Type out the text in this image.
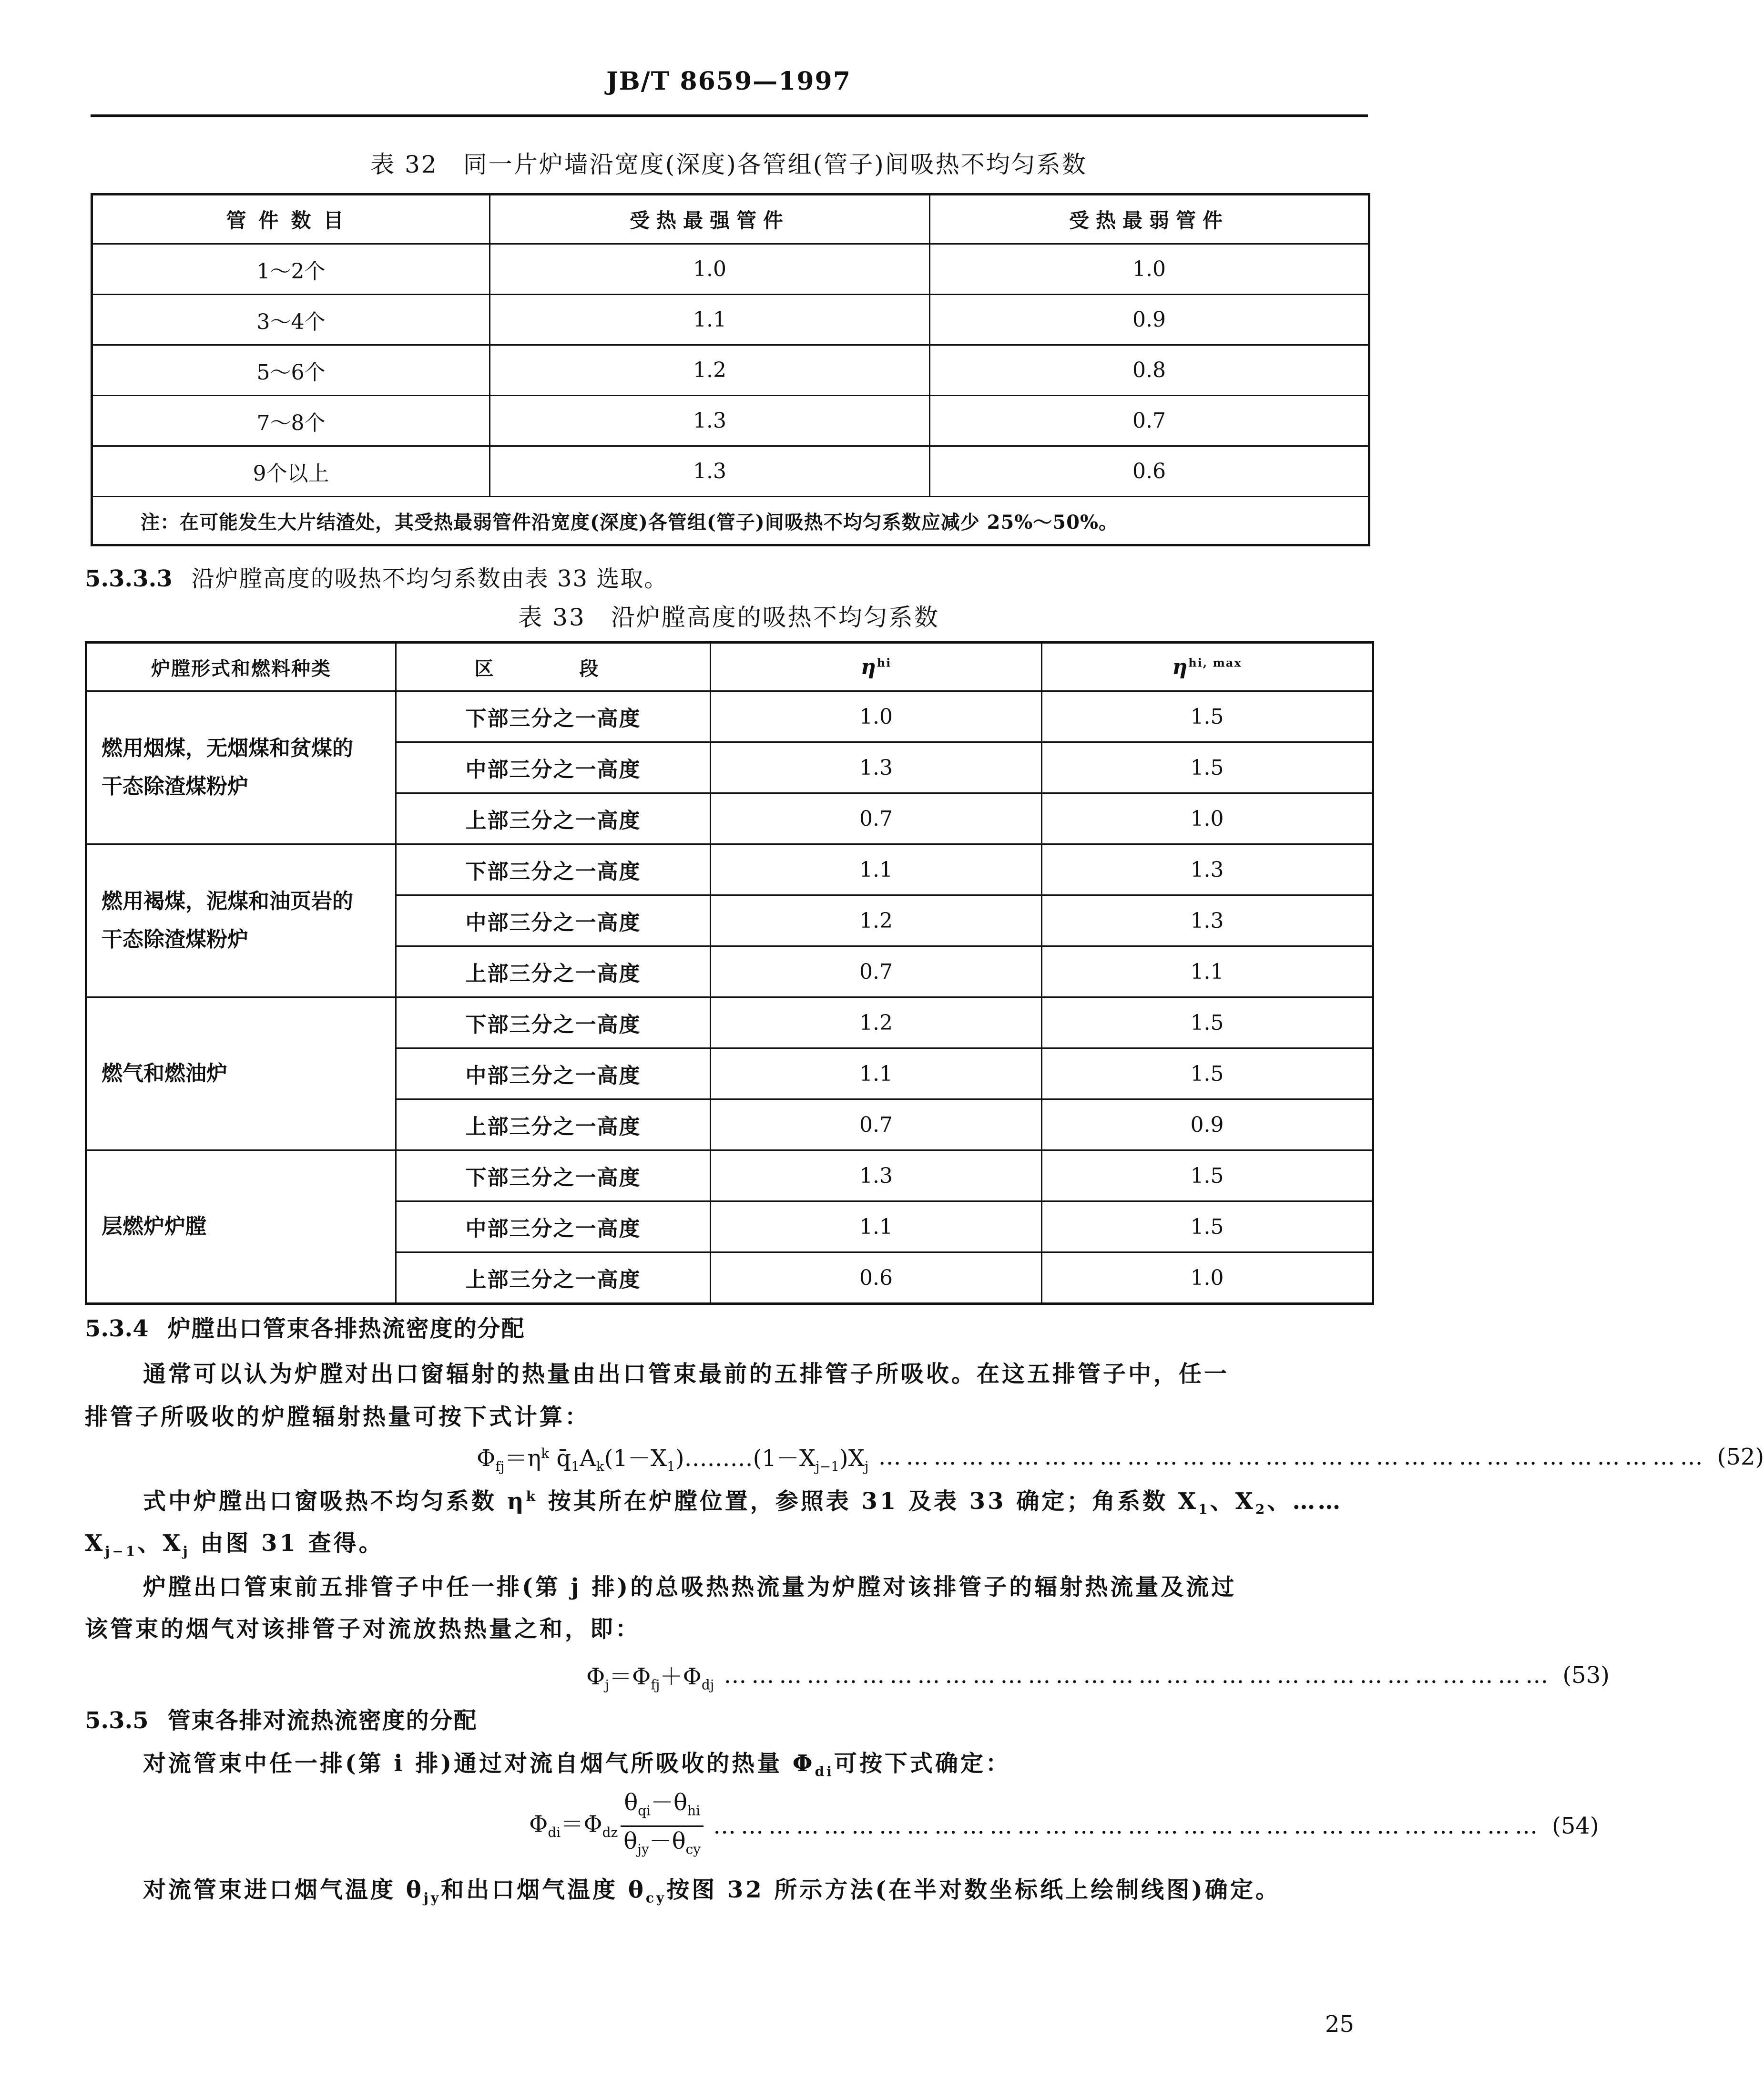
JB/T 8659—1997
表 32　同一片炉墙沿宽度(深度)各管组(管子)间吸热不均匀系数
管件数目	受热最强管件	受热最弱管件
1～2个	1.0	1.0
3～4个	1.1	0.9
5～6个	1.2	0.8
7～8个	1.3	0.7
9个以上	1.3	0.6
注：在可能发生大片结渣处，其受热最弱管件沿宽度(深度)各管组(管子)间吸热不均匀系数应减少 25%～50%。		
5.3.3.3 沿炉膛高度的吸热不均匀系数由表 33 选取。
表 33　沿炉膛高度的吸热不均匀系数
炉膛形式和燃料种类	区　段	$\eta^{hi}$	$\eta^{hi, max}$

燃用烟煤，无烟煤和贫煤的
干态除渣煤粉炉	下部三分之一高度	1.0	1.5
	中部三分之一高度	1.3	1.5
	上部三分之一高度	0.7	1.0

燃用褐煤，泥煤和油页岩的
干态除渣煤粉炉	下部三分之一高度	1.1	1.3
	中部三分之一高度	1.2	1.3
	上部三分之一高度	0.7	1.1

燃气和燃油炉	下部三分之一高度	1.2	1.5
	中部三分之一高度	1.1	1.5
	上部三分之一高度	0.7	0.9

层燃炉炉膛	下部三分之一高度	1.3	1.5
	中部三分之一高度	1.1	1.5
	上部三分之一高度	0.6	1.0
5.3.4 炉膛出口管束各排热流密度的分配
通常可以认为炉膛对出口窗辐射的热量由出口管束最前的五排管子所吸收。在这五排管子中，任一
排管子所吸收的炉膛辐射热量可按下式计算：
$\Phi_{fj}=\eta^k$ $q̄_1A_k(1-X_1)\dots\dots\dots(1-X_{j-1})X_j$ ……………………………………………………………………………… (52)
式中炉膛出口窗吸热不均匀系数 $\eta^k$ 按其所在炉膛位置，参照表 31 及表 33 确定；角系数 $X_1$、$X_2$、……
$X_{j-1}$、$X_j$ 由图 31 查得。
炉膛出口管束前五排管子中任一排(第 j 排)的总吸热热流量为炉膛对该排管子的辐射热流量及流过
该管束的烟气对该排管子对流放热热量之和，即：
$\Phi_j=\Phi_{fj}+\Phi_{dj}$ ……………………………………………………………………………… (53)
5.3.5 管束各排对流热流密度的分配
对流管束中任一排(第 i 排)通过对流自烟气所吸收的热量 $\Phi_{di}$可按下式确定：
$\Phi_{di}=\Phi_{dz} \frac{\theta_{qi}-\theta_{hi}}{\theta_{jy}-\theta_{cy}}$ ……………………………………………………………………………… (54)
对流管束进口烟气温度 $\theta_{jy}$和出口烟气温度 $\theta_{cy}$按图 32 所示方法(在半对数坐标纸上绘制线图)确定。
25
